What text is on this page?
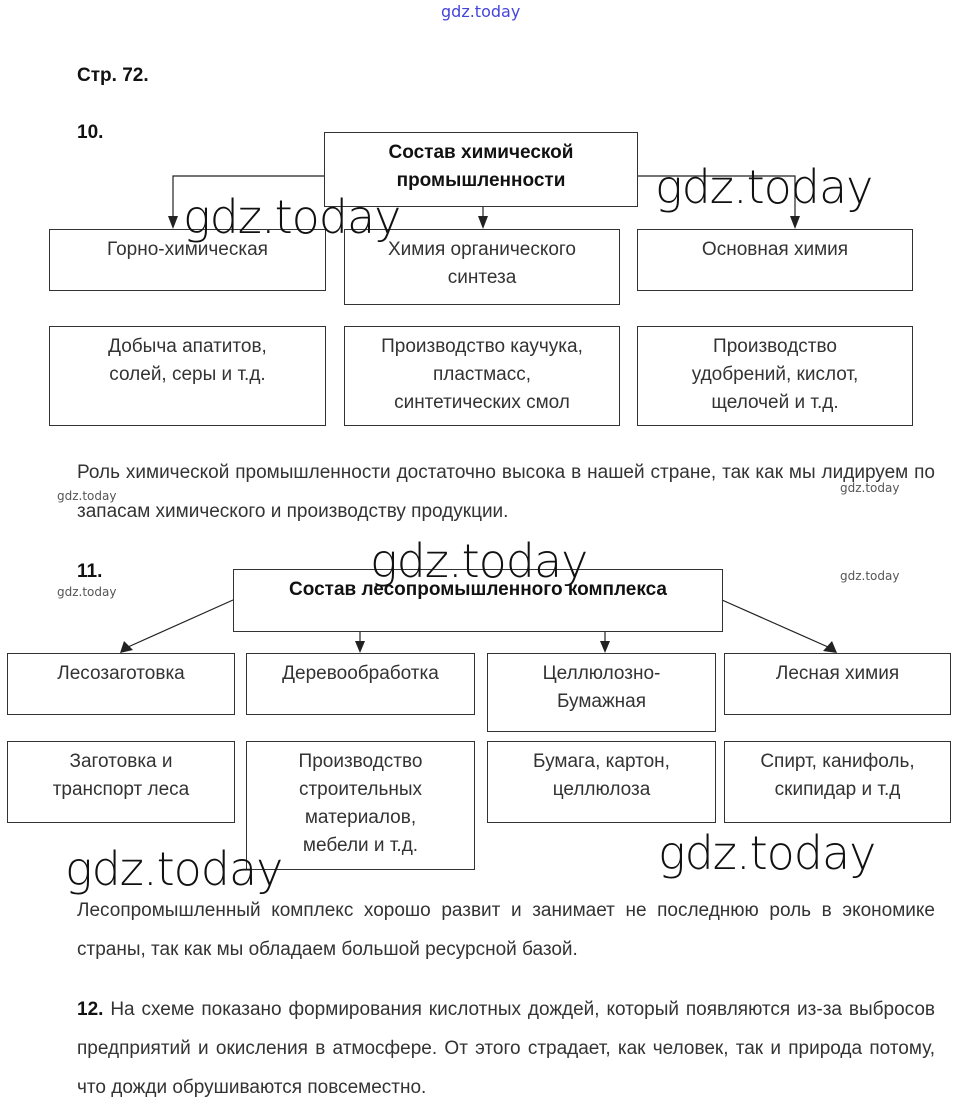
gdz.today
Стр. 72.
10.
Состав химической
промышленности
Горно-химическая	Химия органического
синтеза
Основная химия
Добыча апатитов,
солей, серы и т.д.
Производство каучука,
пластмасс,
синтетических смол
Производство
удобрений, кислот,
щелочей и т.д.
Роль химической промышленности достаточно высока в нашей стране, так как мы лидируем по запасам химического и производству продукции.
11.
Состав лесопромышленного комплекса
Лесозаготовка	Деревообработка	Целлюлозно-
Бумажная
Лесная химия
Заготовка и
транспорт леса
Производство
строительных
материалов,
мебели и т.д.
Бумага, картон,
целлюлоза
Спирт, канифоль,
скипидар и т.д
Лесопромышленный комплекс хорошо развит и занимает не последнюю роль в экономике страны, так как мы обладаем большой ресурсной базой.
12. На схеме показано формирования кислотных дождей, который появляются из-за выбросов предприятий и окисления в атмосфере. От этого страдает, как человек, так и природа потому, что дожди обрушиваются повсеместно.
gdz.today
gdz.today
gdz.today
gdz.today	gdz.today
gdz.today
gdz.today
gdz.today
gdz.today
